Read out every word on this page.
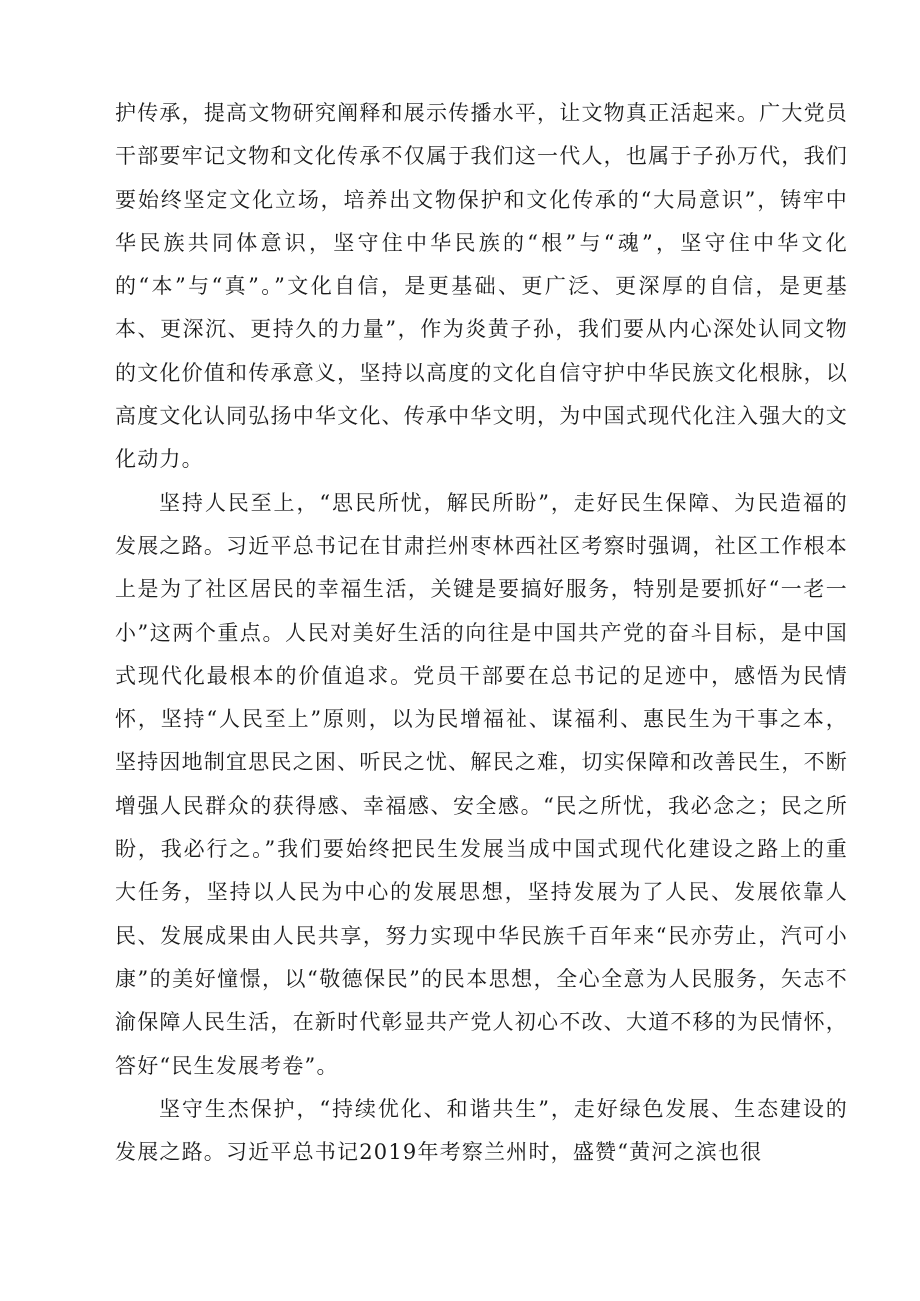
护传承，提高文物研究阐释和展示传播水平，让文物真正活起来。广大党员干部要牢记文物和文化传承不仅属于我们这一代人，也属于子孙万代，我们要始终坚定文化立场，培养出文物保护和文化传承的“大局意识”，铸牢中华民族共同体意识，坚守住中华民族的“根”与“魂”，坚守住中华文化的“本”与“真”。”文化自信，是更基础、更广泛、更深厚的自信，是更基本、更深沉、更持久的力量”，作为炎黄子孙，我们要从内心深处认同文物的文化价值和传承意义，坚持以高度的文化自信守护中华民族文化根脉，以高度文化认同弘扬中华文化、传承中华文明，为中国式现代化注入强大的文化动力。

坚持人民至上，“思民所忧，解民所盼”，走好民生保障、为民造福的发展之路。习近平总书记在甘肃拦州枣林西社区考察时强调，社区工作根本上是为了社区居民的幸福生活，关键是要搞好服务，特别是要抓好“一老一小”这两个重点。人民对美好生活的向往是中国共产党的奋斗目标，是中国式现代化最根本的价值追求。党员干部要在总书记的足迹中，感悟为民情怀，坚持“人民至上”原则，以为民增福祉、谋福利、惠民生为干事之本，坚持因地制宜思民之困、听民之忧、解民之难，切实保障和改善民生，不断增强人民群众的获得感、幸福感、安全感。“民之所忧，我必念之；民之所盼，我必行之。”我们要始终把民生发展当成中国式现代化建设之路上的重大任务，坚持以人民为中心的发展思想，坚持发展为了人民、发展依靠人民、发展成果由人民共享，努力实现中华民族千百年来“民亦劳止，汽可小康”的美好憧憬，以“敬德保民”的民本思想，全心全意为人民服务，矢志不渝保障人民生活，在新时代彰显共产党人初心不改、大道不移的为民情怀，答好“民生发展考卷”。

坚守生杰保护，“持续优化、和谐共生”，走好绿色发展、生态建设的发展之路。习近平总书记2019年考察兰州时，盛赞“黄河之滨也很
